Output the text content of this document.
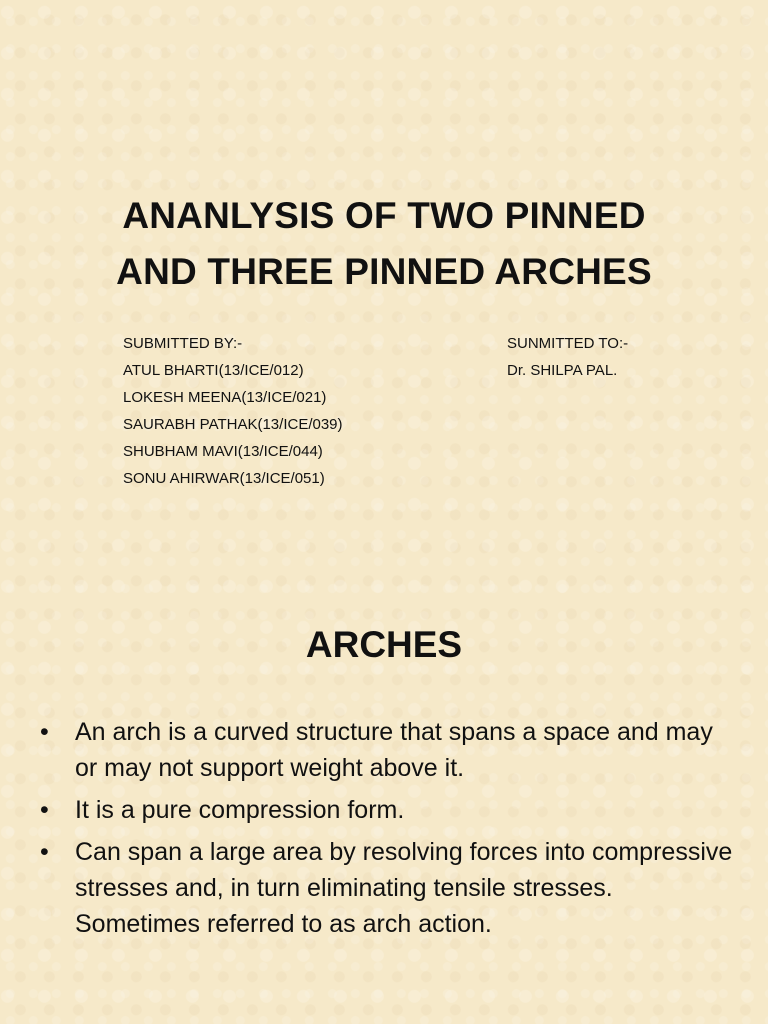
ANANLYSIS OF TWO PINNED
AND THREE PINNED ARCHES
SUBMITTED BY:-
ATUL BHARTI(13/ICE/012)
LOKESH MEENA(13/ICE/021)
SAURABH PATHAK(13/ICE/039)
SHUBHAM MAVI(13/ICE/044)
SONU AHIRWAR(13/ICE/051)
SUNMITTED TO:-
Dr. SHILPA PAL.
ARCHES
• An arch is a curved structure that spans a space and may or may not support weight above it.
• It is a pure compression form.
• Can span a large area by resolving forces into compressive stresses and, in turn eliminating tensile stresses. Sometimes referred to as arch action.
